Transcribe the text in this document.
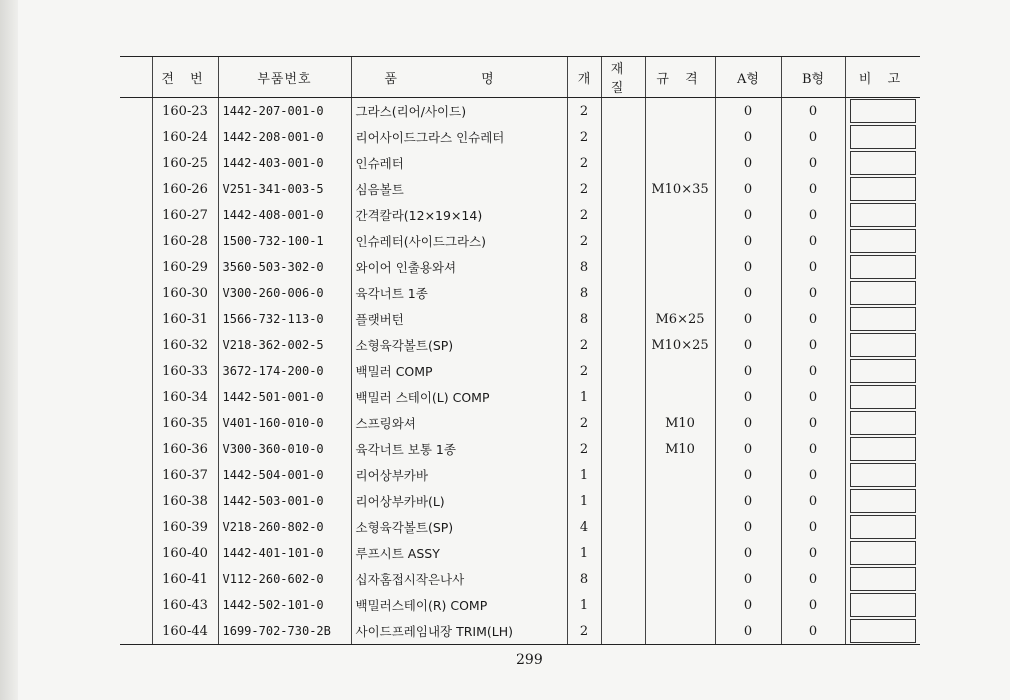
	견 번	부품번호	품 명	개	재 질	규 격	A형	B형	비 고
	160-23	1442-207-001-0	그라스(리어/사이드)	2			0	0	

	160-24	1442-208-001-0	리어사이드그라스 인슈레터	2			0	0	

	160-25	1442-403-001-0	인슈레터	2			0	0	

	160-26	V251-341-003-5	심음볼트	2		M10×35	0	0	

	160-27	1442-408-001-0	간격칼라(12×19×14)	2			0	0	

	160-28	1500-732-100-1	인슈레터(사이드그라스)	2			0	0	

	160-29	3560-503-302-0	와이어 인출용와셔	8			0	0	

	160-30	V300-260-006-0	육각너트 1종	8			0	0	

	160-31	1566-732-113-0	플랫버턴	8		M6×25	0	0	

	160-32	V218-362-002-5	소형육각볼트(SP)	2		M10×25	0	0	

	160-33	3672-174-200-0	백밀러 COMP	2			0	0	

	160-34	1442-501-001-0	백밀러 스테이(L) COMP	1			0	0	

	160-35	V401-160-010-0	스프링와셔	2		M10	0	0	

	160-36	V300-360-010-0	육각너트 보통 1종	2		M10	0	0	

	160-37	1442-504-001-0	리어상부카바	1			0	0	

	160-38	1442-503-001-0	리어상부카바(L)	1			0	0	

	160-39	V218-260-802-0	소형육각볼트(SP)	4			0	0	

	160-40	1442-401-101-0	루프시트 ASSY	1			0	0	

	160-41	V112-260-602-0	십자홈접시작은나사	8			0	0	

	160-43	1442-502-101-0	백밀러스테이(R) COMP	1			0	0	

	160-44	1699-702-730-2B	사이드프레임내장 TRIM(LH)	2			0	0	
299
